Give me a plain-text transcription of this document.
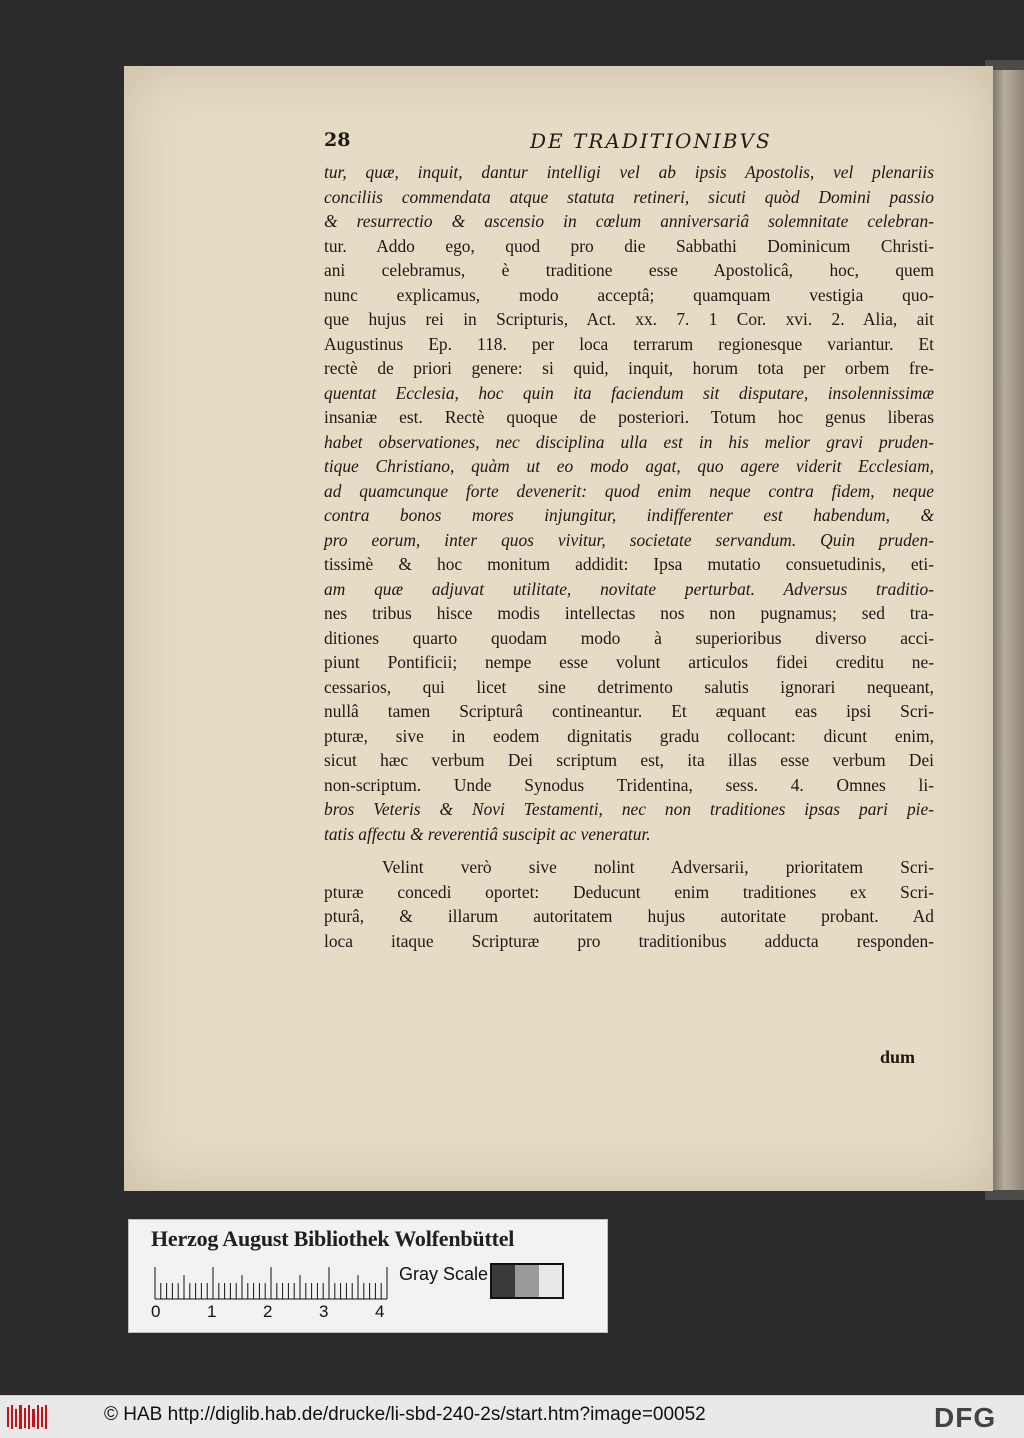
28	DE TRADITIONIBVS
tur, quæ, inquit, dantur intelligi vel ab ipsis Apostolis, vel plenariis
conciliis commendata atque statuta retineri, sicuti quòd Domini passio
& resurrectio & ascensio in cœlum anniversariâ solemnitate celebran-
tur. Addo ego, quod pro die Sabbathi Dominicum Christi-
ani celebramus, è traditione esse Apostolicâ, hoc, quem
nunc explicamus, modo acceptâ; quamquam vestigia quo-
que hujus rei in Scripturis, Act. xx. 7. 1 Cor. xvi. 2. Alia, ait
Augustinus Ep. 118. per loca terrarum regionesque variantur. Et
rectè de priori genere: si quid, inquit, horum tota per orbem fre-
quentat Ecclesia, hoc quin ita faciendum sit disputare, insolennissimæ
insaniæ est. Rectè quoque de posteriori. Totum hoc genus liberas
habet observationes, nec disciplina ulla est in his melior gravi pruden-
tique Christiano, quàm ut eo modo agat, quo agere viderit Ecclesiam,
ad quamcunque forte devenerit: quod enim neque contra fidem, neque
contra bonos mores injungitur, indifferenter est habendum, &
pro eorum, inter quos vivitur, societate servandum. Quin pruden-
tissimè & hoc monitum addidit: Ipsa mutatio consuetudinis, eti-
am quæ adjuvat utilitate, novitate perturbat. Adversus traditio-
nes tribus hisce modis intellectas nos non pugnamus; sed tra-
ditiones quarto quodam modo à superioribus diverso acci-
piunt Pontificii; nempe esse volunt articulos fidei creditu ne-
cessarios, qui licet sine detrimento salutis ignorari nequeant,
nullâ tamen Scripturâ contineantur. Et æquant eas ipsi Scri-
pturæ, sive in eodem dignitatis gradu collocant: dicunt enim,
sicut hæc verbum Dei scriptum est, ita illas esse verbum Dei
non-scriptum. Unde Synodus Tridentina, sess. 4. Omnes li-
bros Veteris & Novi Testamenti, nec non traditiones ipsas pari pie-
tatis affectu & reverentiâ suscipit ac veneratur.
Velint verò sive nolint Adversarii, prioritatem Scri-
pturæ concedi oportet: Deducunt enim traditiones ex Scri-
pturâ, & illarum autoritatem hujus autoritate probant. Ad
loca itaque Scripturæ pro traditionibus adducta responden-
dum
Herzog August Bibliothek Wolfenbüttel
0	1	2	3	4
Gray Scale
© HAB http://diglib.hab.de/drucke/li-sbd-240-2s/start.htm?image=00052	DFG
